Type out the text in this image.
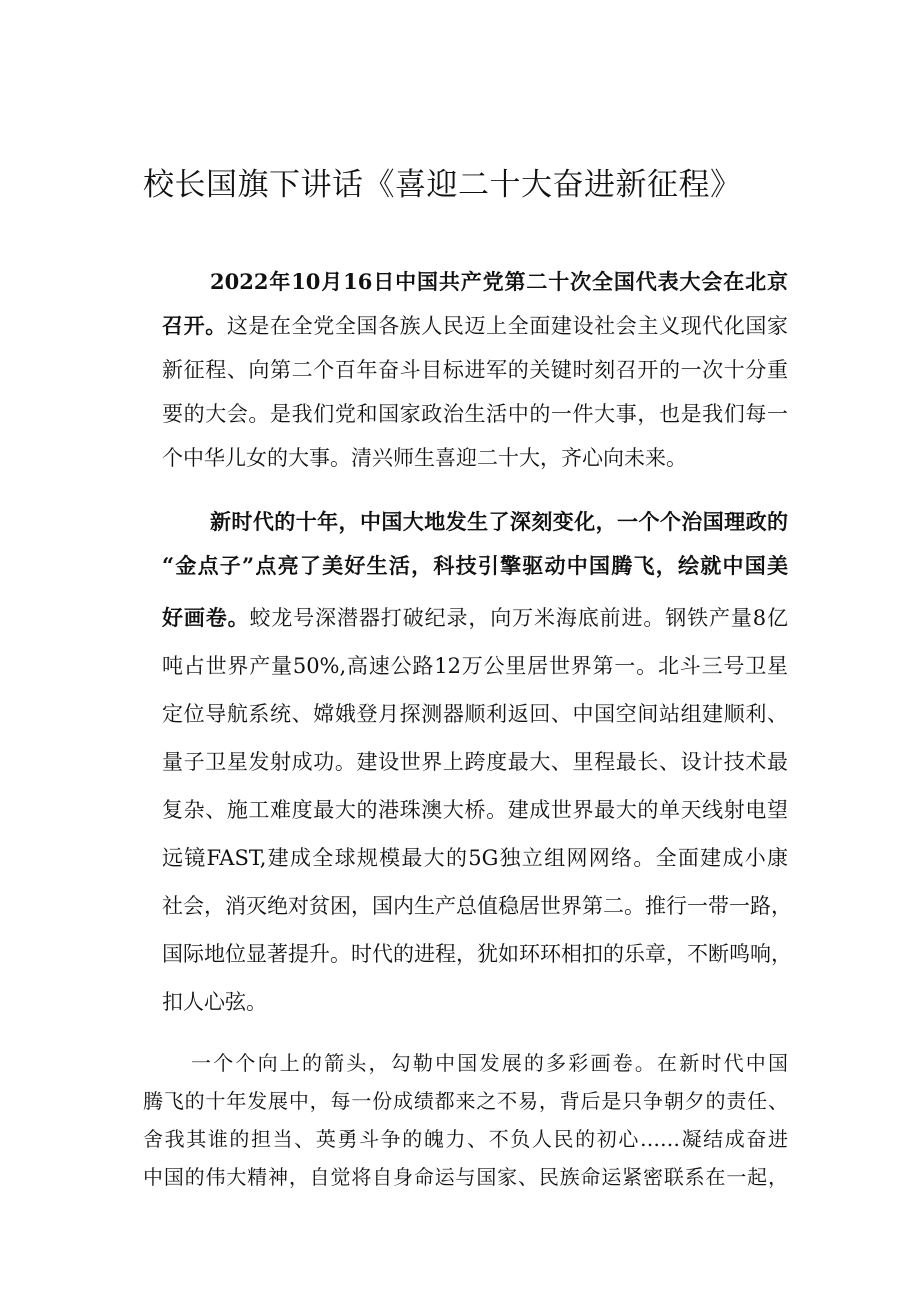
校长国旗下讲话《喜迎二十大奋进新征程》
2022年10月16日中国共产党第二十次全国代表大会在北京
召开。这是在全党全国各族人民迈上全面建设社会主义现代化国家
新征程、向第二个百年奋斗目标进军的关键时刻召开的一次十分重
要的大会。是我们党和国家政治生活中的一件大事，也是我们每一
个中华儿女的大事。清兴师生喜迎二十大，齐心向未来。
新时代的十年，中国大地发生了深刻变化，一个个治国理政的
“金点子”点亮了美好生活，科技引擎驱动中国腾飞，绘就中国美
好画卷。蛟龙号深潜器打破纪录，向万米海底前进。钢铁产量8亿
吨占世界产量50%,高速公路12万公里居世界第一。北斗三号卫星
定位导航系统、嫦娥登月探测器顺利返回、中国空间站组建顺利、
量子卫星发射成功。建设世界上跨度最大、里程最长、设计技术最
复杂、施工难度最大的港珠澳大桥。建成世界最大的单天线射电望
远镜FAST,建成全球规模最大的5G独立组网网络。全面建成小康
社会，消灭绝对贫困，国内生产总值稳居世界第二。推行一带一路，
国际地位显著提升。时代的进程，犹如环环相扣的乐章，不断鸣响，
扣人心弦。
一个个向上的箭头，勾勒中国发展的多彩画卷。在新时代中国
腾飞的十年发展中，每一份成绩都来之不易，背后是只争朝夕的责任、
舍我其谁的担当、英勇斗争的魄力、不负人民的初心……凝结成奋进
中国的伟大精神，自觉将自身命运与国家、民族命运紧密联系在一起，
